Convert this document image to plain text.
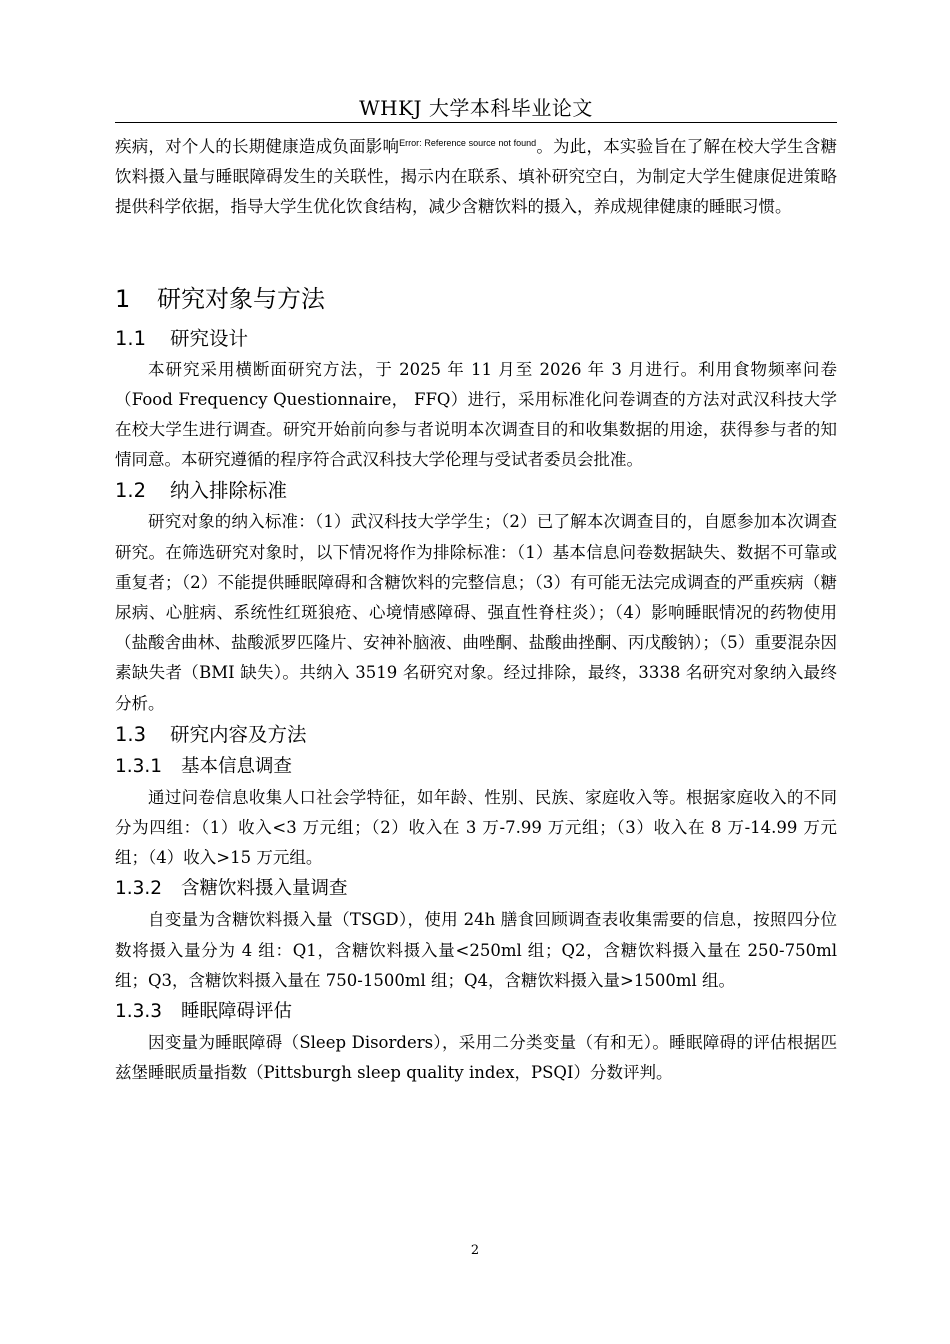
WHKJ 大学本科毕业论文

疾病，对个人的长期健康造成负面影响$^{Error: Reference source not found}$。为此，本实验旨在了解在校大学生含糖饮料摄入量与睡眠障碍发生的关联性，揭示内在联系、填补研究空白，为制定大学生健康促进策略提供科学依据，指导大学生优化饮食结构，减少含糖饮料的摄入，养成规律健康的睡眠习惯。

1 研究对象与方法
1.1 研究设计

本研究采用横断面研究方法，于 2025 年 11 月至 2026 年 3 月进行。利用食物频率问卷（Food Frequency Questionnaire， FFQ）进行，采用标准化问卷调查的方法对武汉科技大学在校大学生进行调查。研究开始前向参与者说明本次调查目的和收集数据的用途，获得参与者的知情同意。本研究遵循的程序符合武汉科技大学伦理与受试者委员会批准。

1.2 纳入排除标准

研究对象的纳入标准：（1）武汉科技大学学生；（2）已了解本次调查目的，自愿参加本次调查研究。在筛选研究对象时，以下情况将作为排除标准：（1）基本信息问卷数据缺失、数据不可靠或重复者；（2）不能提供睡眠障碍和含糖饮料的完整信息；（3）有可能无法完成调查的严重疾病（糖尿病、心脏病、系统性红斑狼疮、心境情感障碍、强直性脊柱炎）；（4）影响睡眠情况的药物使用（盐酸舍曲林、盐酸派罗匹隆片、安神补脑液、曲唑酮、盐酸曲挫酮、丙戊酸钠）；（5）重要混杂因素缺失者（BMI 缺失）。共纳入 3519 名研究对象。经过排除，最终，3338 名研究对象纳入最终分析。

1.3 研究内容及方法
1.3.1 基本信息调查

通过问卷信息收集人口社会学特征，如年龄、性别、民族、家庭收入等。根据家庭收入的不同分为四组：（1）收入<3 万元组；（2）收入在 3 万-7.99 万元组；（3）收入在 8 万-14.99 万元组；（4）收入>15 万元组。

1.3.2 含糖饮料摄入量调查

自变量为含糖饮料摄入量（TSGD），使用 24h 膳食回顾调查表收集需要的信息，按照四分位数将摄入量分为 4 组：Q1，含糖饮料摄入量<250ml 组；Q2，含糖饮料摄入量在 250-750ml 组；Q3，含糖饮料摄入量在 750-1500ml 组；Q4，含糖饮料摄入量>1500ml 组。

1.3.3 睡眠障碍评估

因变量为睡眠障碍（Sleep Disorders），采用二分类变量（有和无）。睡眠障碍的评估根据匹兹堡睡眠质量指数（Pittsburgh sleep quality index，PSQI）分数评判。

2
